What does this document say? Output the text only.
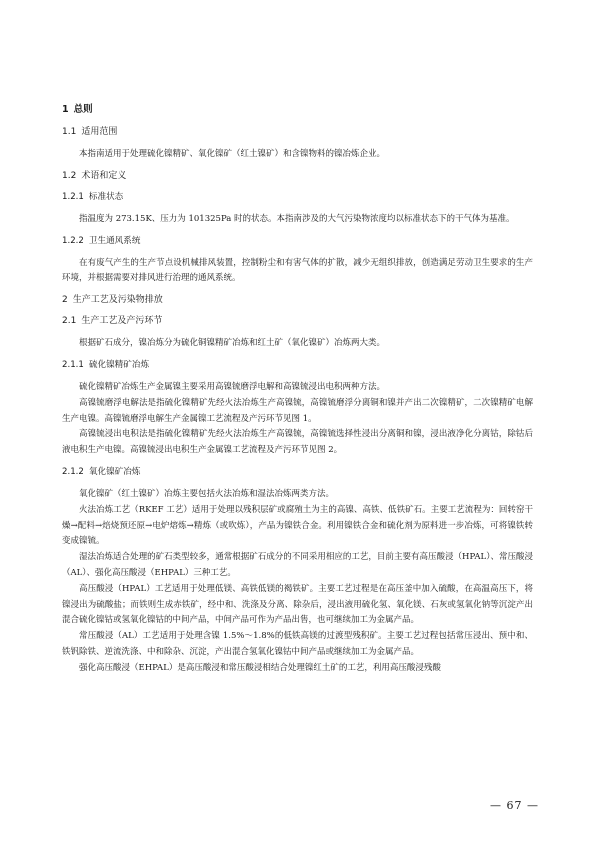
1 总则
1.1 适用范围

本指南适用于处理硫化镍精矿、氧化镍矿（红土镍矿）和含镍物料的镍冶炼企业。

1.2 术语和定义
1.2.1 标准状态

指温度为 273.15K、压力为 101325Pa 时的状态。本指南涉及的大气污染物浓度均以标准状态下的干气体为基准。

1.2.2 卫生通风系统

在有废气产生的生产节点设机械排风装置，控制粉尘和有害气体的扩散，减少无组织排放，创造满足劳动卫生要求的生产环境，并根据需要对排风进行治理的通风系统。

2 生产工艺及污染物排放
2.1 生产工艺及产污环节

根据矿石成分，镍冶炼分为硫化铜镍精矿冶炼和红土矿（氧化镍矿）冶炼两大类。

2.1.1 硫化镍精矿冶炼

硫化镍精矿冶炼生产金属镍主要采用高镍锍磨浮电解和高镍锍浸出电积两种方法。

高镍锍磨浮电解法是指硫化镍精矿先经火法冶炼生产高镍锍，高镍锍磨浮分离铜和镍并产出二次镍精矿，二次镍精矿电解生产电镍。高镍锍磨浮电解生产金属镍工艺流程及产污环节见图 1。

高镍锍浸出电积法是指硫化镍精矿先经火法冶炼生产高镍锍，高镍锍选择性浸出分离铜和镍，浸出液净化分离钴，除钴后液电积生产电镍。高镍锍浸出电积生产金属镍工艺流程及产污环节见图 2。

2.1.2 氧化镍矿冶炼

氧化镍矿（红土镍矿）冶炼主要包括火法冶炼和湿法冶炼两类方法。

火法冶炼工艺（RKEF 工艺）适用于处理以残积层矿或腐殖土为主的高镍、高铁、低铁矿石。主要工艺流程为：回转窑干燥→配料→焙烧预还原→电炉熔炼→精炼（或吹炼），产品为镍铁合金。利用镍铁合金和硫化剂为原料进一步冶炼，可将镍铁转变成镍锍。

湿法冶炼适合处理的矿石类型较多，通常根据矿石成分的不同采用相应的工艺，目前主要有高压酸浸（HPAL）、常压酸浸（AL）、强化高压酸浸（EHPAL）三种工艺。

高压酸浸（HPAL）工艺适用于处理低镁、高铁低镁的褐铁矿。主要工艺过程是在高压釜中加入硫酸，在高温高压下，将镍浸出为硫酸盐；而铁则生成赤铁矿，经中和、洗涤及分离、除杂后，浸出液用硫化氢、氧化镁、石灰或氢氧化钠等沉淀产出混合硫化镍钴或氢氧化镍钴的中间产品，中间产品可作为产品出售，也可继续加工为金属产品。

常压酸浸（AL）工艺适用于处理含镍 1.5%～1.8%的低铁高镁的过渡型残积矿。主要工艺过程包括常压浸出、预中和、铁钒除铁、逆流洗涤、中和除杂、沉淀，产出混合氢氧化镍钴中间产品或继续加工为金属产品。

强化高压酸浸（EHPAL）是高压酸浸和常压酸浸相结合处理镍红土矿的工艺，利用高压酸浸残酸

— 67 —
